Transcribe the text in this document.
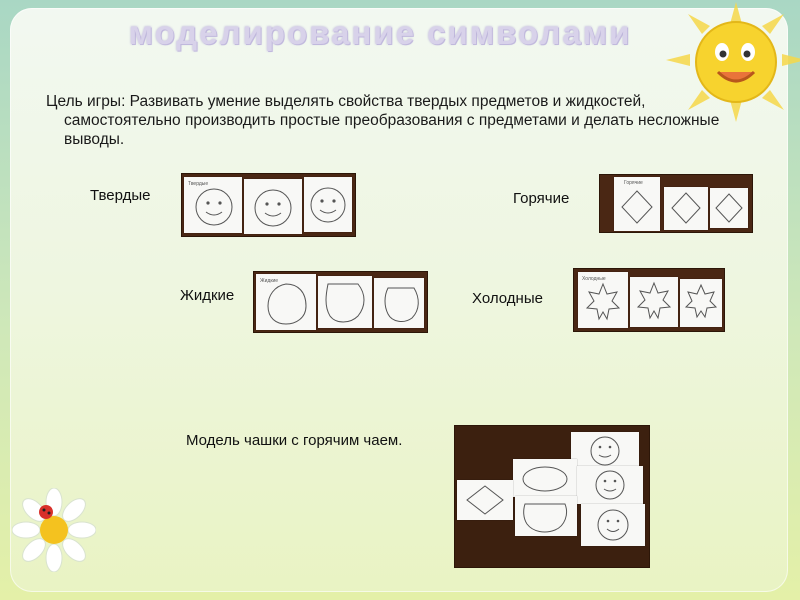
моделирование символами

Цель игры: Развивать умение выделять свойства твердых предметов и жидкостей, самостоятельно производить простые преобразования с предметами и делать несложные выводы.

Твердые
Твердые
Горячие
Горячие
Жидкие
Жидкие
Холодные
Холодные
Модель чашки с горячим чаем.
